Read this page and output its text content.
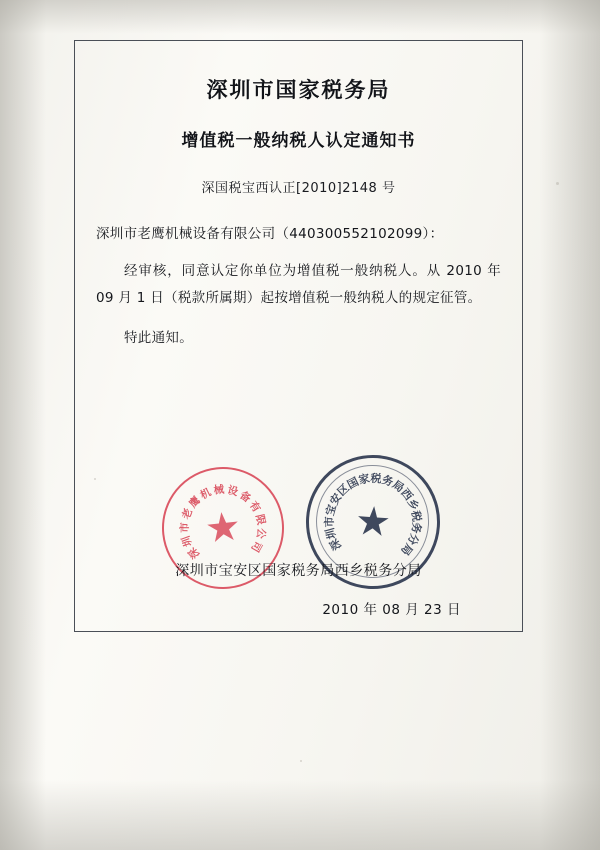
深圳市国家税务局
增值税一般纳税人认定通知书
深国税宝西认正[2010]2148 号
深圳市老鹰机械设备有限公司（440300552102099）：
经审核，同意认定你单位为增值税一般纳税人。从 2010 年 09 月 1 日（税款所属期）起按增值税一般纳税人的规定征管。
特此通知。
深
圳
市
老
鹰
机 械 设
备
有
限
公
司
★	深
圳
市
宝
安
区
国
家 税
务
局
西
乡
税
务
分
局
★
深圳市宝安区国家税务局西乡税务分局
2010 年 08 月 23 日
